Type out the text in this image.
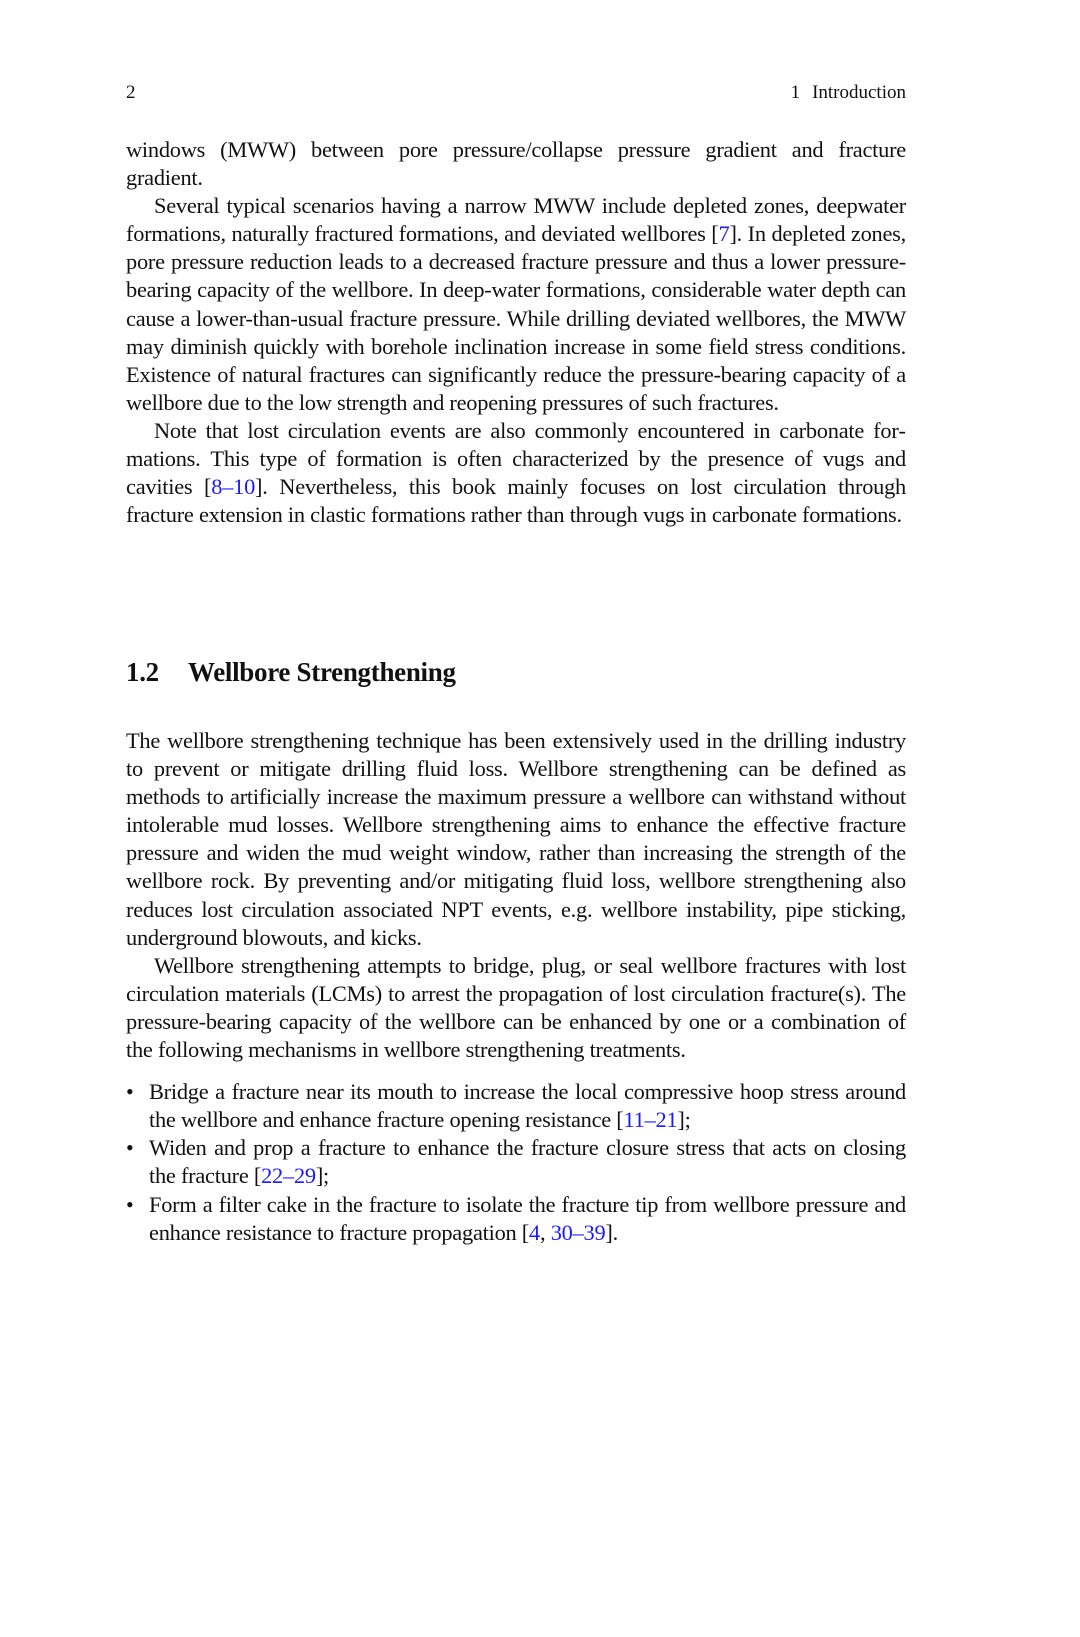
2	1 Introduction

windows (MWW) between pore pressure/collapse pressure gradient and fracture gradient.

Several typical scenarios having a narrow MWW include depleted zones, deepwater formations, naturally fractured formations, and deviated wellbores [7]. In depleted zones, pore pressure reduction leads to a decreased fracture pressure and thus a lower pressure-bearing capacity of the wellbore. In deep-water formations, considerable water depth can cause a lower-than-usual fracture pressure. While drilling deviated wellbores, the MWW may diminish quickly with borehole inclination increase in some field stress conditions. Existence of natural fractures can significantly reduce the pressure-bearing capacity of a wellbore due to the low strength and reopening pressures of such fractures.

Note that lost circulation events are also commonly encountered in carbonate formations. This type of formation is often characterized by the presence of vugs and cavities [8–10]. Nevertheless, this book mainly focuses on lost circulation through fracture extension in clastic formations rather than through vugs in carbonate formations.

1.2 Wellbore Strengthening

The wellbore strengthening technique has been extensively used in the drilling industry to prevent or mitigate drilling fluid loss. Wellbore strengthening can be defined as methods to artificially increase the maximum pressure a wellbore can withstand without intolerable mud losses. Wellbore strengthening aims to enhance the effective fracture pressure and widen the mud weight window, rather than increasing the strength of the wellbore rock. By preventing and/or mitigating fluid loss, wellbore strengthening also reduces lost circulation associated NPT events, e.g. wellbore instability, pipe sticking, underground blowouts, and kicks.

Wellbore strengthening attempts to bridge, plug, or seal wellbore fractures with lost circulation materials (LCMs) to arrest the propagation of lost circulation fracture(s). The pressure-bearing capacity of the wellbore can be enhanced by one or a combination of the following mechanisms in wellbore strengthening treatments.

• Bridge a fracture near its mouth to increase the local compressive hoop stress around the wellbore and enhance fracture opening resistance [11–21];
• Widen and prop a fracture to enhance the fracture closure stress that acts on closing the fracture [22–29];
• Form a filter cake in the fracture to isolate the fracture tip from wellbore pressure and enhance resistance to fracture propagation [4, 30–39].
